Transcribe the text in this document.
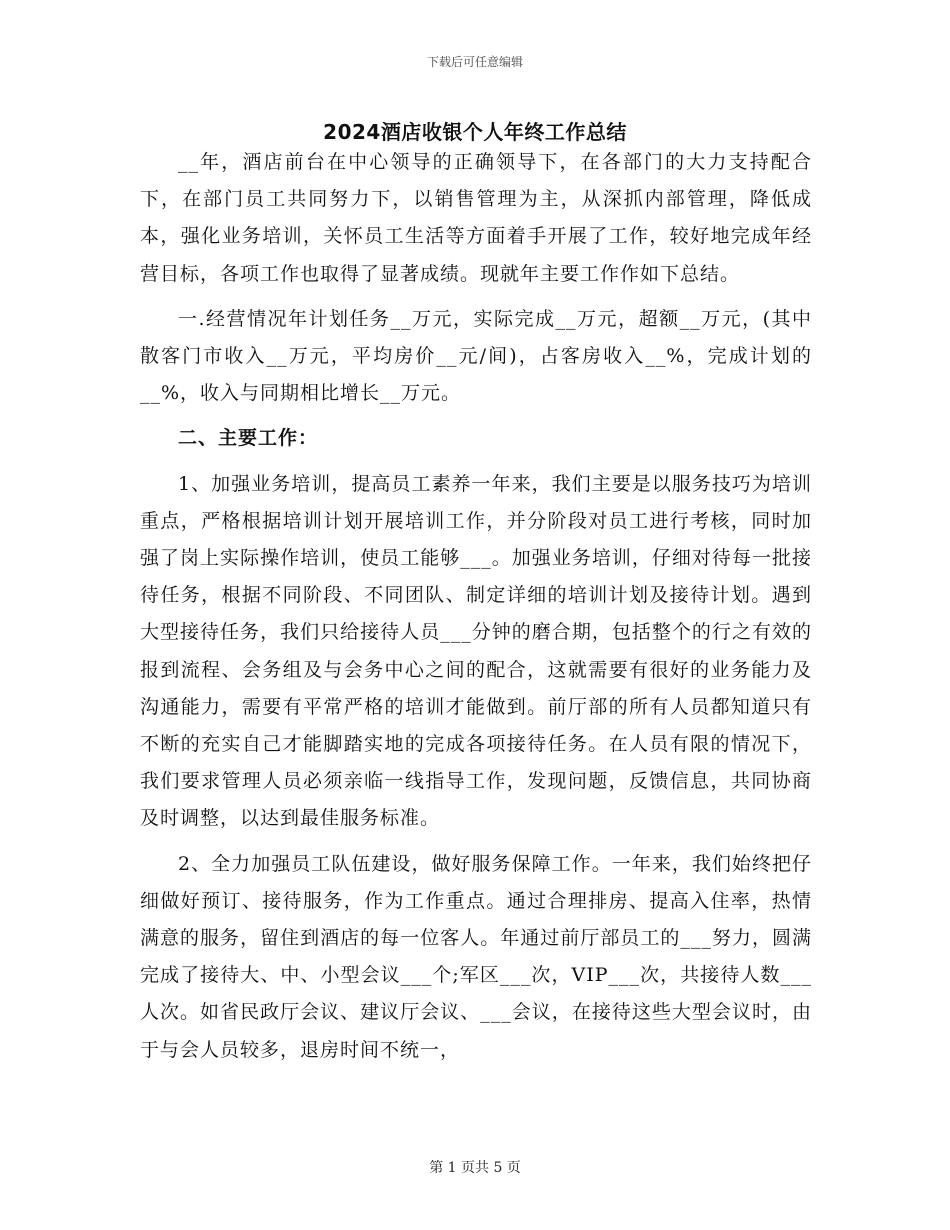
下载后可任意编辑
2024酒店收银个人年终工作总结

__年，酒店前台在中心领导的正确领导下，在各部门的大力支持配合下，在部门员工共同努力下，以销售管理为主，从深抓内部管理，降低成本，强化业务培训，关怀员工生活等方面着手开展了工作，较好地完成年经营目标，各项工作也取得了显著成绩。现就年主要工作作如下总结。

一.经营情况年计划任务__万元，实际完成__万元，超额__万元，(其中散客门市收入__万元，平均房价__元/间)，占客房收入__%，完成计划的__%，收入与同期相比增长__万元。

二、主要工作：

1、加强业务培训，提高员工素养一年来，我们主要是以服务技巧为培训重点，严格根据培训计划开展培训工作，并分阶段对员工进行考核，同时加强了岗上实际操作培训，使员工能够___。加强业务培训，仔细对待每一批接待任务，根据不同阶段、不同团队、制定详细的培训计划及接待计划。遇到大型接待任务，我们只给接待人员___分钟的磨合期，包括整个的行之有效的报到流程、会务组及与会务中心之间的配合，这就需要有很好的业务能力及沟通能力，需要有平常严格的培训才能做到。前厅部的所有人员都知道只有不断的充实自己才能脚踏实地的完成各项接待任务。在人员有限的情况下，我们要求管理人员必须亲临一线指导工作，发现问题，反馈信息，共同协商及时调整，以达到最佳服务标准。

2、全力加强员工队伍建设，做好服务保障工作。一年来，我们始终把仔细做好预订、接待服务，作为工作重点。通过合理排房、提高入住率，热情满意的服务，留住到酒店的每一位客人。年通过前厅部员工的___努力，圆满完成了接待大、中、小型会议___个;军区___次，VIP___次，共接待人数___人次。如省民政厅会议、建议厅会议、___会议，在接待这些大型会议时，由于与会人员较多，退房时间不统一，

第 1 页共 5 页
